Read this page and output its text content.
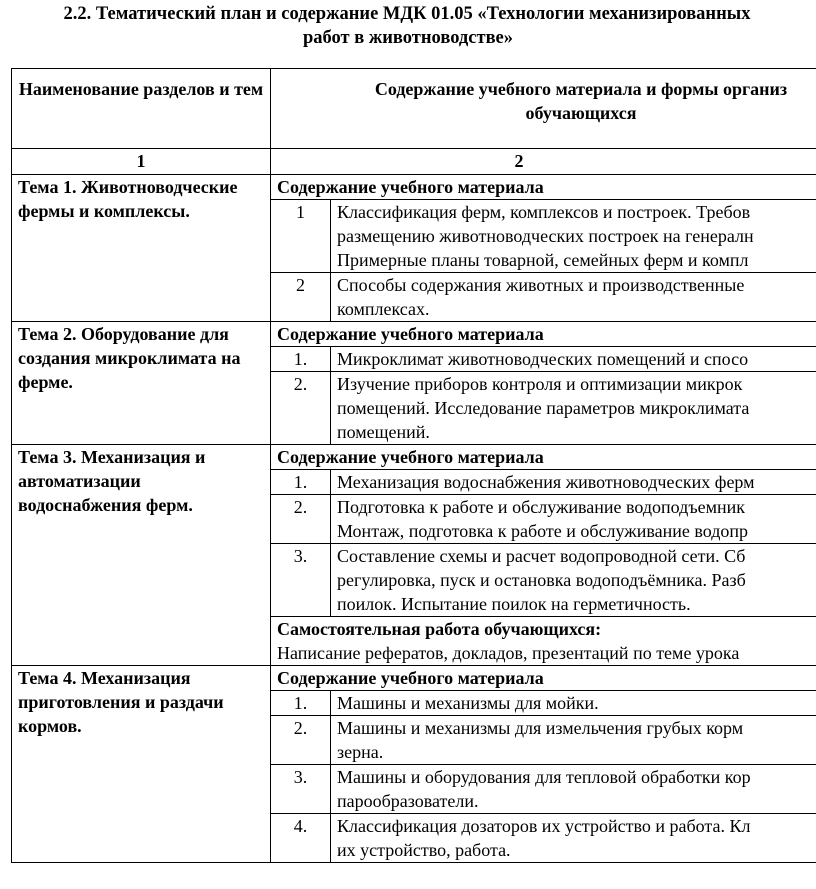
2.2. Тематический план и содержание МДК 01.05 «Технологии механизированных
работ в животноводстве»
Наименование разделов и тем	Содержание учебного материала и формы организ обучающихся	

1	2	
Тема 1. Животноводческие фермы и комплексы.	Содержание учебного материала	
	1	Классификация ферм, комплексов и построек. Требов
размещению животноводческих построек на генералн
Примерные планы товарной, семейных ферм и компл

	2	Способы содержания животных и производственные
комплексах.

Тема 2. Оборудование для создания микроклимата на ферме.	Содержание учебного материала	
	1.	Микроклимат животноводческих помещений и спосо

	2.	Изучение приборов контроля и оптимизации микрок
помещений. Исследование параметров микроклимата
помещений.

Тема 3. Механизация и автоматизации водоснабжения ферм.	Содержание учебного материала	
	1.	Механизация водоснабжения животноводческих ферм

	2.	Подготовка к работе и обслуживание водоподъемник
Монтаж, подготовка к работе и обслуживание водопр

	3.	Составление схемы и расчет водопроводной сети. Сб
регулировка, пуск и остановка водоподъёмника. Разб
поилок. Испытание поилок на герметичность.

	Самостоятельная работа обучающихся:
Написание рефератов, докладов, презентаций по теме урока	

Тема 4. Механизация приготовления и раздачи кормов.	Содержание учебного материала	
	1.	Машины и механизмы для мойки.

	2.	Машины и механизмы для измельчения грубых корм
зерна.

	3.	Машины и оборудования для тепловой обработки кор
парообразователи.

	4.	Классификация дозаторов их устройство и работа. Кл
их устройство, работа.
